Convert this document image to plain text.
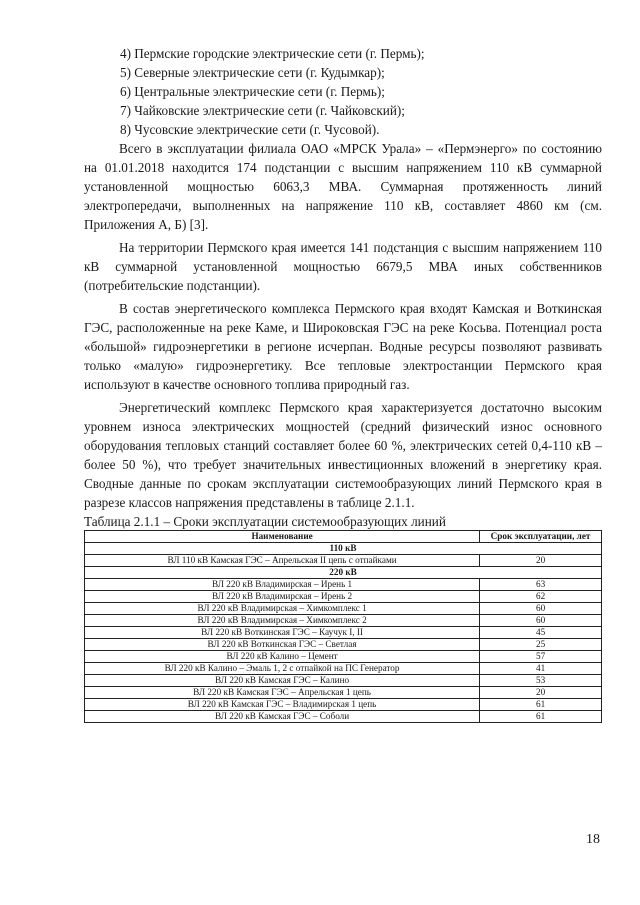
4) Пермские городские электрические сети (г. Пермь);
5) Северные электрические сети (г. Кудымкар);
6) Центральные электрические сети (г. Пермь);
7) Чайковские электрические сети (г. Чайковский);
8) Чусовские электрические сети (г. Чусовой).

Всего в эксплуатации филиала ОАО «МРСК Урала» – «Пермэнерго» по состоянию на 01.01.2018 находится 174 подстанции с высшим напряжением 110 кВ суммарной установленной мощностью 6063,3 МВА. Суммарная протяженность линий электропередачи, выполненных на напряжение 110 кВ, составляет 4860 км (см. Приложения А, Б) [3].

На территории Пермского края имеется 141 подстанция с высшим напряжением 110 кВ суммарной установленной мощностью 6679,5 МВА иных собственников (потребительские подстанции).

В состав энергетического комплекса Пермского края входят Камская и Воткинская ГЭС, расположенные на реке Каме, и Широковская ГЭС на реке Косьва. Потенциал роста «большой» гидроэнергетики в регионе исчерпан. Водные ресурсы позволяют развивать только «малую» гидроэнергетику. Все тепловые электростанции Пермского края используют в качестве основного топлива природный газ.

Энергетический комплекс Пермского края характеризуется достаточно высоким уровнем износа электрических мощностей (средний физический износ основного оборудования тепловых станций составляет более 60 %, электрических сетей 0,4-110 кВ – более 50 %), что требует значительных инвестиционных вложений в энергетику края. Сводные данные по срокам эксплуатации системообразующих линий Пермского края в разрезе классов напряжения представлены в таблице 2.1.1.

Таблица 2.1.1 – Сроки эксплуатации системообразующих линий
Наименование	Срок эксплуатации, лет
110 кВ	
ВЛ 110 кВ Камская ГЭС – Апрельская II цепь с отпайками	20
220 кВ	
ВЛ 220 кВ Владимирская – Ирень 1	63
ВЛ 220 кВ Владимирская – Ирень 2	62
ВЛ 220 кВ Владимирская – Химкомплекс 1	60
ВЛ 220 кВ Владимирская – Химкомплекс 2	60
ВЛ 220 кВ Воткинская ГЭС – Каучук I, II	45
ВЛ 220 кВ Воткинская ГЭС – Светлая	25
ВЛ 220 кВ Калино – Цемент	57
ВЛ 220 кВ Калино – Эмаль 1, 2 с отпайкой на ПС Генератор	41
ВЛ 220 кВ Камская ГЭС – Калино	53
ВЛ 220 кВ Камская ГЭС – Апрельская 1 цепь	20
ВЛ 220 кВ Камская ГЭС – Владимирская 1 цепь	61
ВЛ 220 кВ Камская ГЭС – Соболи	61
18
